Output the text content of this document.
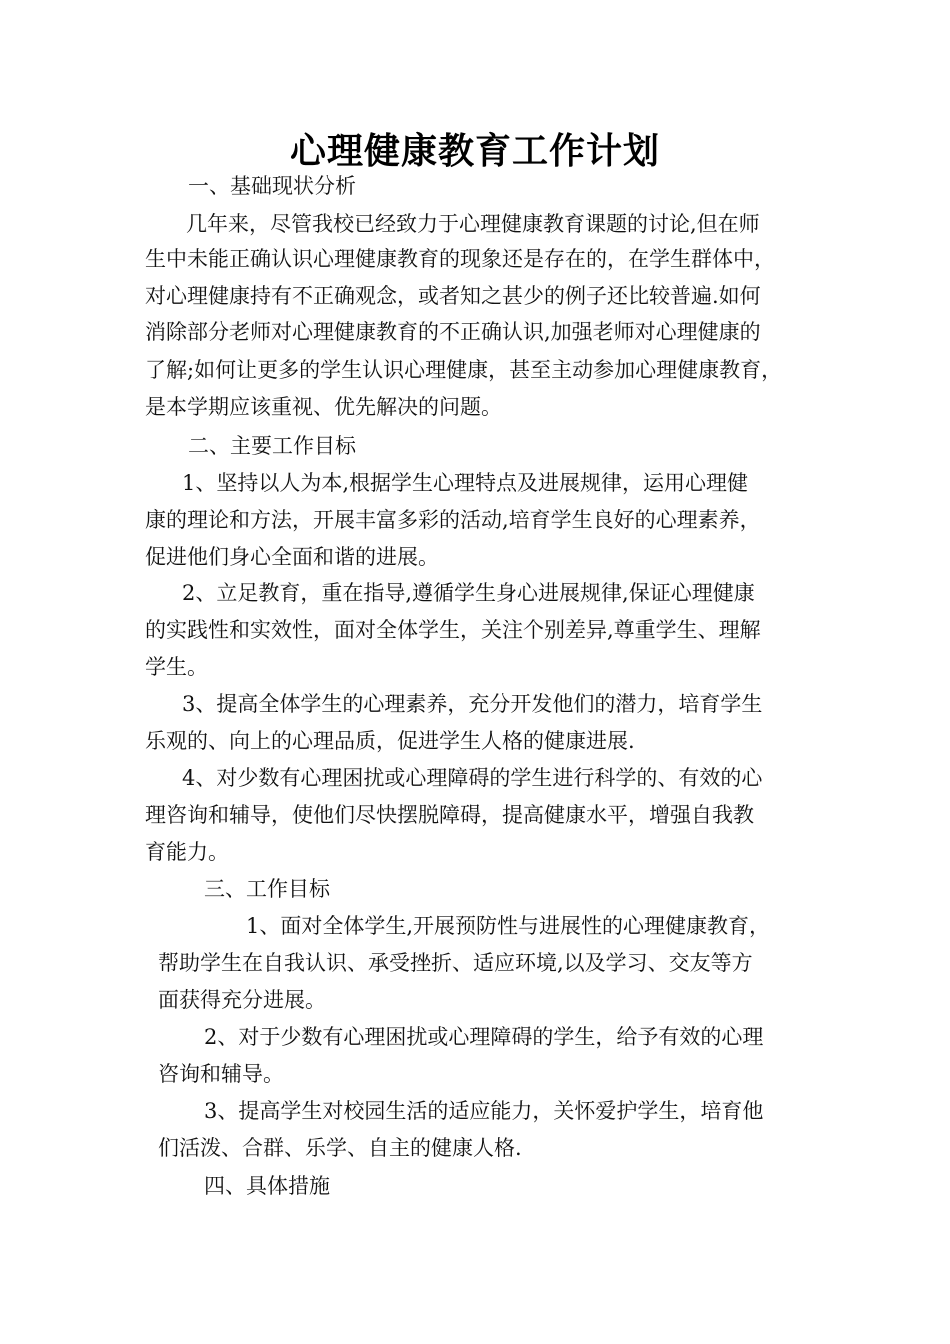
心理健康教育工作计划
一、基础现状分析
几年来，尽管我校已经致力于心理健康教育课题的讨论,但在师
生中未能正确认识心理健康教育的现象还是存在的，在学生群体中，
对心理健康持有不正确观念，或者知之甚少的例子还比较普遍.如何
消除部分老师对心理健康教育的不正确认识,加强老师对心理健康的
了解;如何让更多的学生认识心理健康，甚至主动参加心理健康教育，
是本学期应该重视、优先解决的问题。
二、主要工作目标
1、坚持以人为本,根据学生心理特点及进展规律，运用心理健
康的理论和方法，开展丰富多彩的活动,培育学生良好的心理素养，
促进他们身心全面和谐的进展。
2、立足教育，重在指导,遵循学生身心进展规律,保证心理健康
的实践性和实效性，面对全体学生，关注个别差异,尊重学生、理解
学生。
3、提高全体学生的心理素养，充分开发他们的潜力，培育学生
乐观的、向上的心理品质，促进学生人格的健康进展.
4、对少数有心理困扰或心理障碍的学生进行科学的、有效的心
理咨询和辅导，使他们尽快摆脱障碍，提高健康水平，增强自我教
育能力。
三、工作目标
1、面对全体学生,开展预防性与进展性的心理健康教育，
帮助学生在自我认识、承受挫折、适应环境,以及学习、交友等方
面获得充分进展。
2、对于少数有心理困扰或心理障碍的学生，给予有效的心理
咨询和辅导。
3、提高学生对校园生活的适应能力，关怀爱护学生，培育他
们活泼、合群、乐学、自主的健康人格.
四、具体措施
